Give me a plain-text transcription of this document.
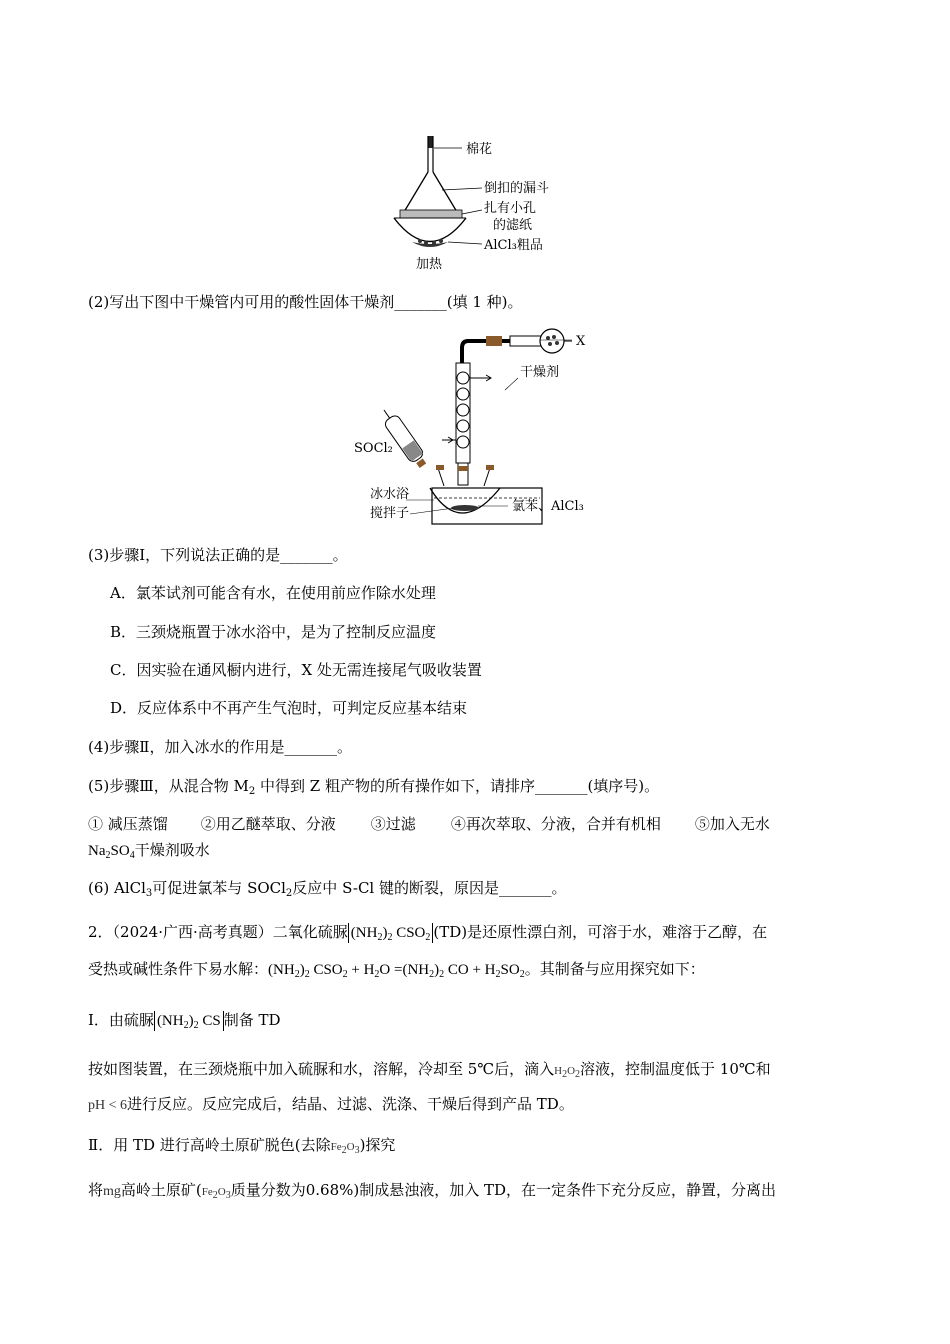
棉花
倒扣的漏斗
扎有小孔
的滤纸
AlCl₃粗品
加热
(2)写出下图中干燥管内可用的酸性固体干燥剂_______(填 1 种)。
X
干燥剂
SOCl₂
冰水浴
搅拌子	氯苯、AlCl₃
(3)步骤Ⅰ，下列说法正确的是_______。
A．氯苯试剂可能含有水，在使用前应作除水处理
B．三颈烧瓶置于冰水浴中，是为了控制反应温度
C．因实验在通风橱内进行，X 处无需连接尾气吸收装置
D．反应体系中不再产生气泡时，可判定反应基本结束
(4)步骤Ⅱ，加入冰水的作用是_______。
(5)步骤Ⅲ，从混合物 $M_2$ 中得到 Z 粗产物的所有操作如下，请排序_______(填序号)。
① 减压蒸馏 ②用乙醚萃取、分液 ③过滤 ④再次萃取、分液，合并有机相 ⑤加入无水
$Na_2SO_4$干燥剂吸水
(6) AlCl$_3$可促进氯苯与 SOCl$_2$反应中 S-Cl 键的断裂，原因是_______。
2．（2024·广西·高考真题）二氧化硫脲 $(NH_2)_2$ $CSO_2$ (TD)是还原性漂白剂，可溶于水，难溶于乙醇，在
受热或碱性条件下易水解：$(NH_2)_2$ $CSO_2 + H_2O =(NH_2)_2$ CO + $H_2SO_2$。其制备与应用探究如下：
Ⅰ．由硫脲 $(NH_2)_2$ CS 制备 TD
按如图装置，在三颈烧瓶中加入硫脲和水，溶解，冷却至 5℃后，滴入$H_2O_2$溶液，控制温度低于 10℃和
pH < 6进行反应。反应完成后，结晶、过滤、洗涤、干燥后得到产品 TD。
Ⅱ．用 TD 进行高岭土原矿脱色(去除$Fe_2O_3$)探究
将mg高岭土原矿($Fe_2O_3$质量分数为0.68%)制成悬浊液，加入 TD，在一定条件下充分反应，静置，分离出
